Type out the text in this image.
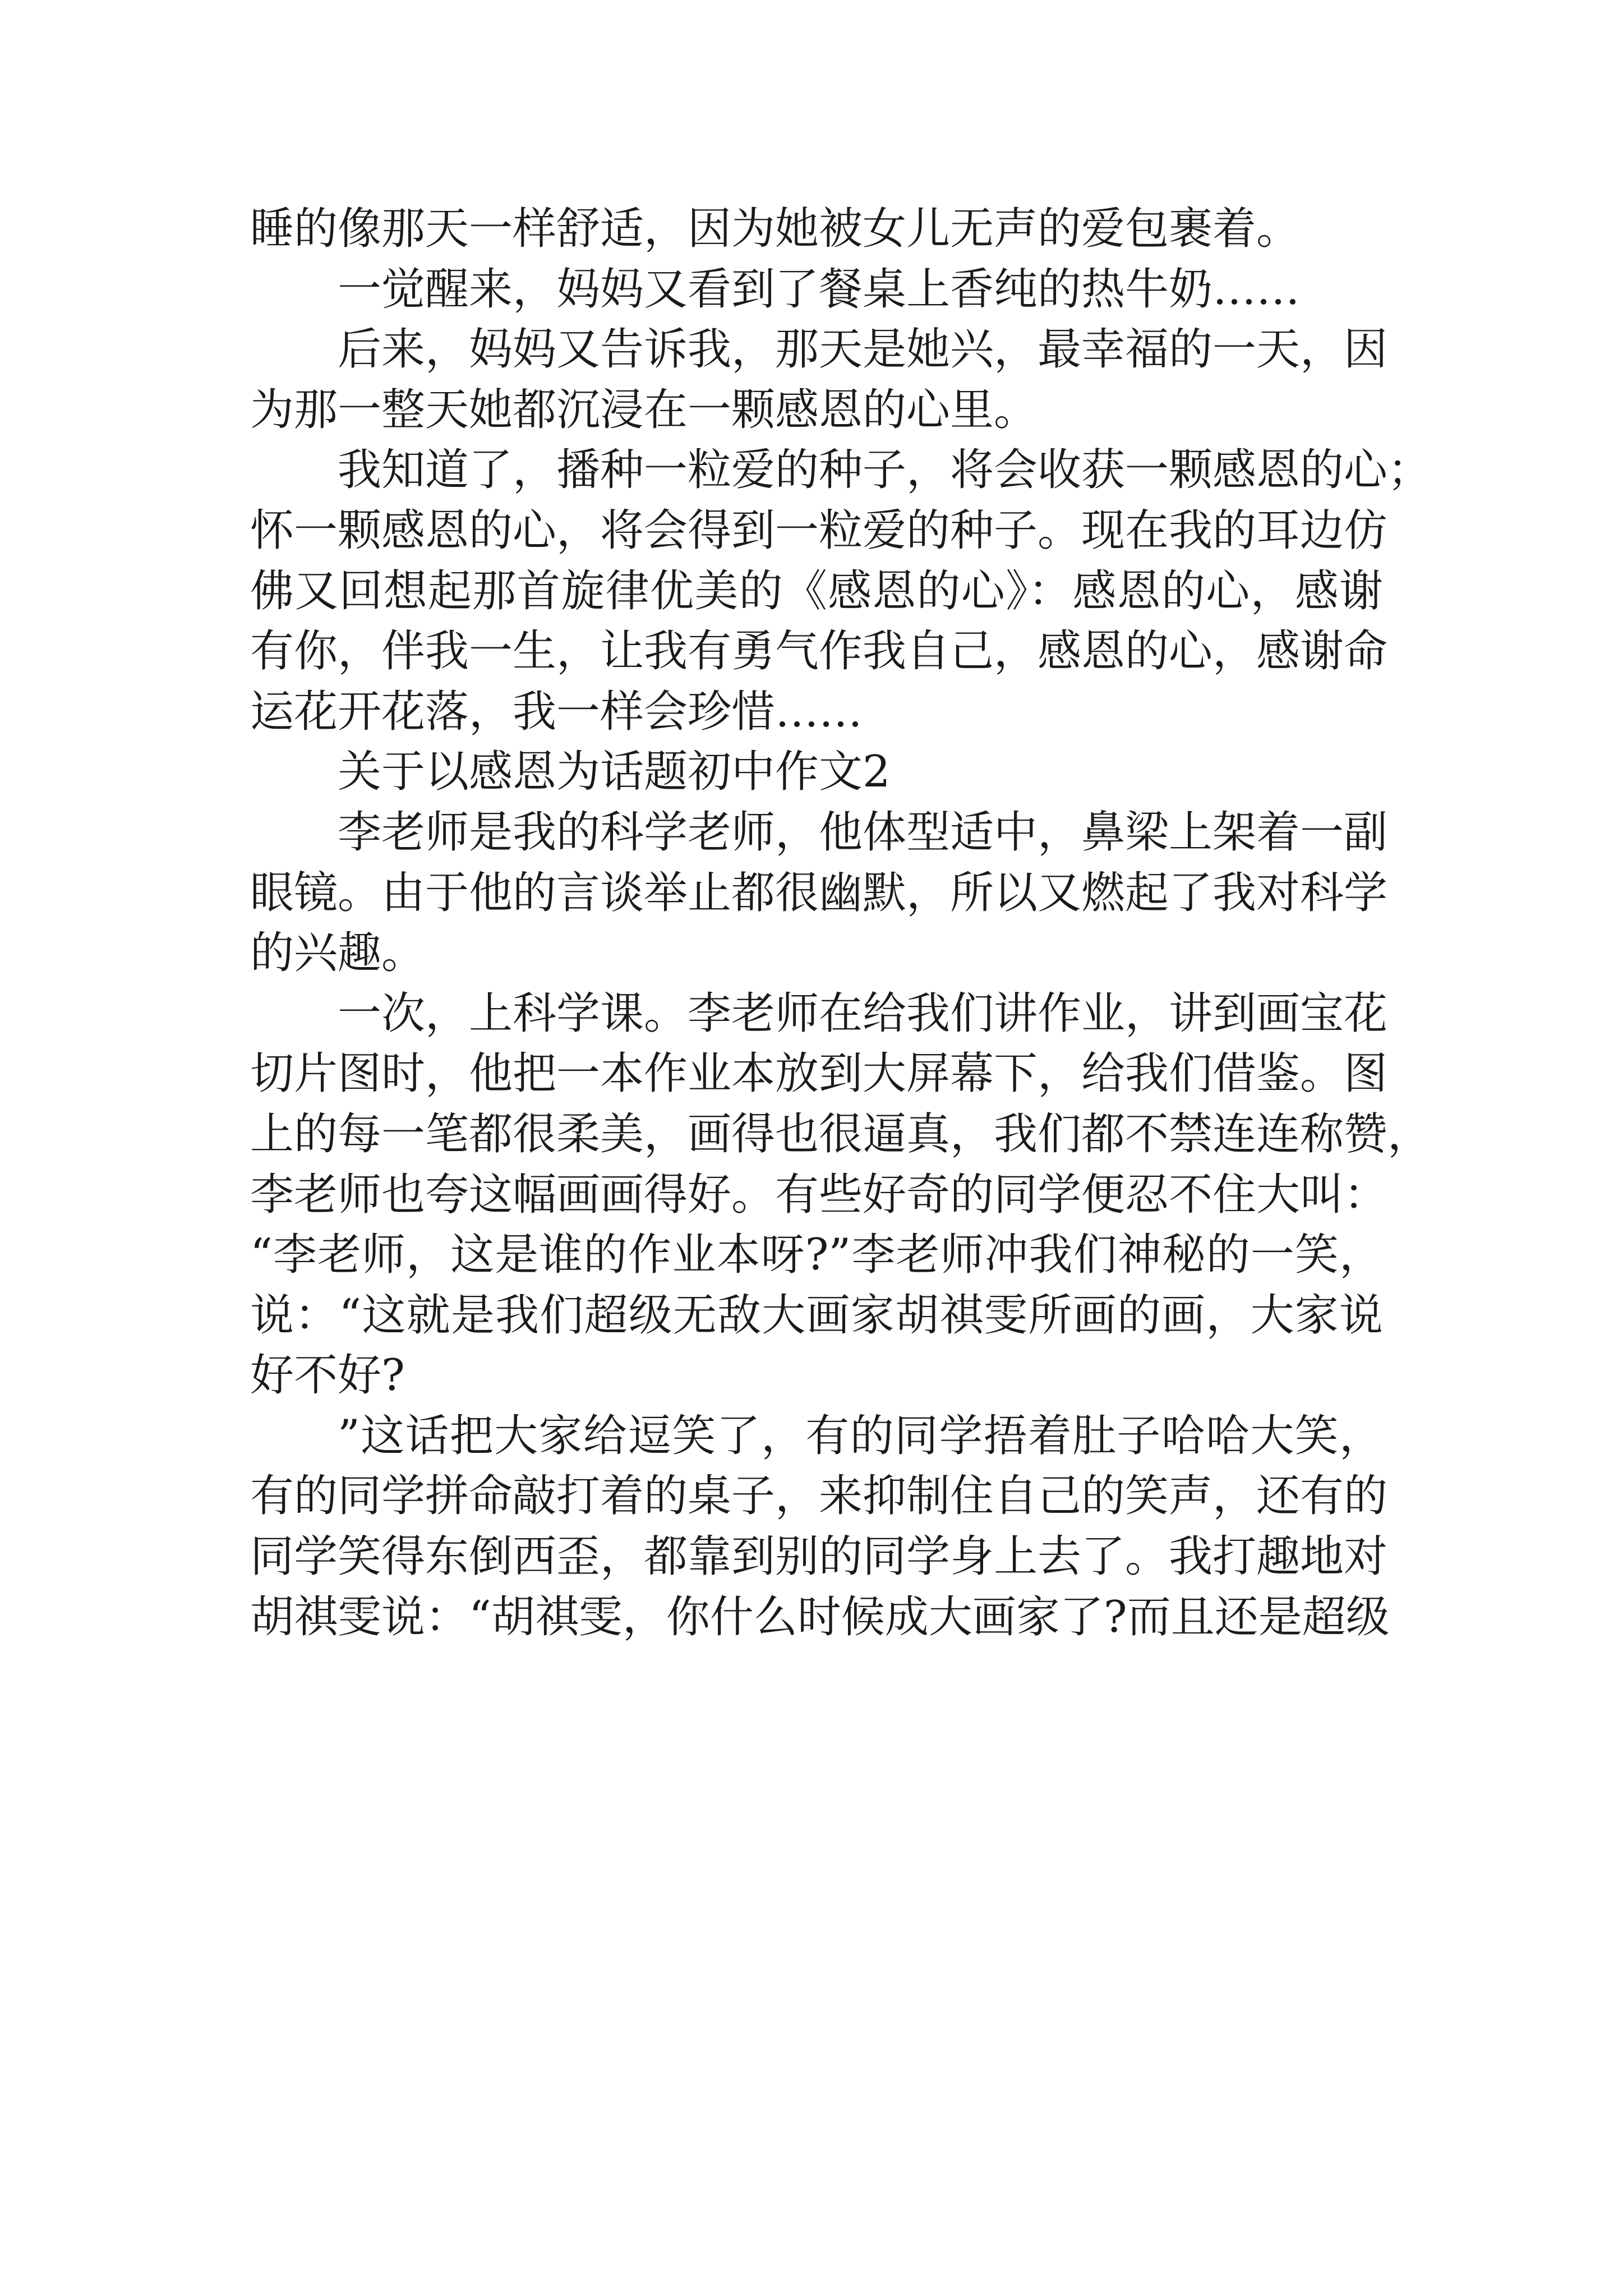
睡的像那天一样舒适，因为她被女儿无声的爱包裹着。
一觉醒来，妈妈又看到了餐桌上香纯的热牛奶……
后来，妈妈又告诉我，那天是她兴，最幸福的一天，因
为那一整天她都沉浸在一颗感恩的心里。
我知道了，播种一粒爱的种子，将会收获一颗感恩的心；
怀一颗感恩的心，将会得到一粒爱的种子。现在我的耳边仿
佛又回想起那首旋律优美的《感恩的心》：感恩的心，感谢
有你，伴我一生，让我有勇气作我自己，感恩的心，感谢命
运花开花落，我一样会珍惜……
关于以感恩为话题初中作文2
李老师是我的科学老师，他体型适中，鼻梁上架着一副
眼镜。由于他的言谈举止都很幽默，所以又燃起了我对科学
的兴趣。
一次，上科学课。李老师在给我们讲作业，讲到画宝花
切片图时，他把一本作业本放到大屏幕下，给我们借鉴。图
上的每一笔都很柔美，画得也很逼真，我们都不禁连连称赞，
李老师也夸这幅画画得好。有些好奇的同学便忍不住大叫：
“李老师，这是谁的作业本呀?”李老师冲我们神秘的一笑，
说：“这就是我们超级无敌大画家胡祺雯所画的画，大家说
好不好?
”这话把大家给逗笑了，有的同学捂着肚子哈哈大笑，
有的同学拼命敲打着的桌子，来抑制住自己的笑声，还有的
同学笑得东倒西歪，都靠到别的同学身上去了。我打趣地对
胡祺雯说：“胡祺雯，你什么时候成大画家了?而且还是超级
